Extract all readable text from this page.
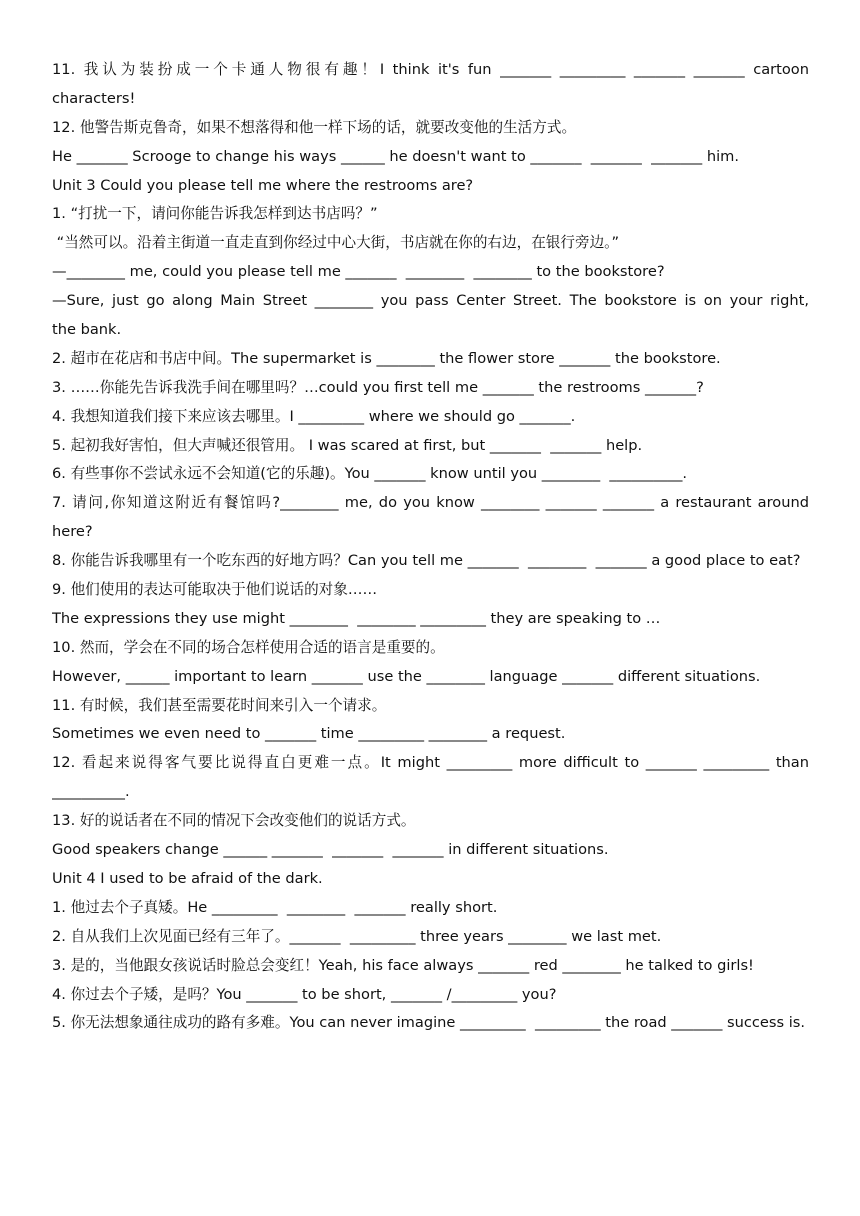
11. 我认为装扮成一个卡通人物很有趣！I think it's fun _______ _________ _______ _______ cartoon
characters!
12. 他警告斯克鲁奇，如果不想落得和他一样下场的话，就要改变他的生活方式。
He _______ Scrooge to change his ways ______ he doesn't want to _______  _______  _______ him.
Unit 3 Could you please tell me where the restrooms are?
1. “打扰一下，请问你能告诉我怎样到达书店吗？”
“当然可以。沿着主街道一直走直到你经过中心大街，书店就在你的右边，在银行旁边。”
—________ me, could you please tell me _______  ________  ________ to the bookstore?
—Sure, just go along Main Street ________ you pass Center Street. The bookstore is on your right,
the bank.
2. 超市在花店和书店中间。The supermarket is ________ the flower store _______ the bookstore.
3. ……你能先告诉我洗手间在哪里吗？…could you first tell me _______ the restrooms _______?
4. 我想知道我们接下来应该去哪里。I _________ where we should go _______.
5. 起初我好害怕，但大声喊还很管用。 I was scared at first, but _______  _______ help.
6. 有些事你不尝试永远不会知道(它的乐趣)。You _______ know until you ________  __________.
7. 请问,你知道这附近有餐馆吗?________ me, do you know ________ _______ _______ a restaurant around
here?
8. 你能告诉我哪里有一个吃东西的好地方吗？Can you tell me _______  ________  _______ a good place to eat?
9. 他们使用的表达可能取决于他们说话的对象……
The expressions they use might ________  ________ _________ they are speaking to …
10. 然而，学会在不同的场合怎样使用合适的语言是重要的。
However, ______ important to learn _______ use the ________ language _______ different situations.
11. 有时候，我们甚至需要花时间来引入一个请求。
Sometimes we even need to _______ time _________ ________ a request.
12. 看起来说得客气要比说得直白更难一点。It might _________ more difficult to _______ _________ than
__________.
13. 好的说话者在不同的情况下会改变他们的说话方式。
Good speakers change ______ _______  _______  _______ in different situations.
Unit 4 I used to be afraid of the dark.
1. 他过去个子真矮。He _________  ________  _______ really short.
2. 自从我们上次见面已经有三年了。_______  _________ three years ________ we last met.
3. 是的，当他跟女孩说话时脸总会变红！Yeah, his face always _______ red ________ he talked to girls!
4. 你过去个子矮，是吗？You _______ to be short, _______ /_________ you?
5. 你无法想象通往成功的路有多难。You can never imagine _________  _________ the road _______ success is.
